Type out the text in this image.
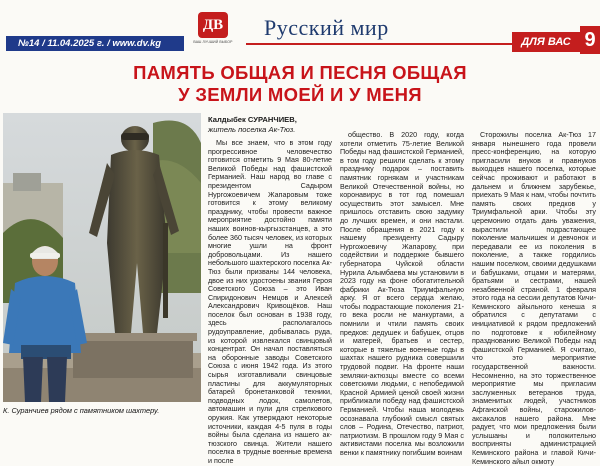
№14 / 11.04.2025 г. / www.dv.kg
ДВ
ВАШ ЛУЧШИЙ ВЫБОР
Русский мир
ДЛЯ ВАС 9
ПАМЯТЬ ОБЩАЯ И ПЕСНЯ ОБЩАЯ
У ЗЕМЛИ МОЕЙ И У МЕНЯ
К. Суранчиев рядом с памятником шахтеру.
Калдыбек СУРАНЧИЕВ,
житель поселка Ак-Тюз.

Мы все знаем, что в этом году прогрессивное человечество готовится отметить 9 Мая 80-летие Великой Победы над фашистской Германией. Наш народ во главе с президентом Садыром Нургожоевичем Жапаровым тоже готовится к этому великому празднику, чтобы провести важное мероприятие достойно памяти наших воинов-кыргызстанцев, а это более 360 тысяч человек, из которых многие ушли на фронт добровольцами. Из нашего небольшого шахтерского поселка Ак-Тюз были призваны 144 человека, двое из них удостоены звания Героя Советского Союза – это Иван Спиридонович Немцов и Алексей Александрович Кривощёков. Наш поселок был основан в 1938 году, здесь располагалось рудоуправление, добывалась руда, из которой извлекался свинцовый концентрат. Он начал поставляться на оборонные заводы Советского Союза с июня 1942 года. Из этого сырья изготавливали свинцовые пластины для аккумуляторных батарей бронетанковой техники, подводных лодок, самолетов, автомашин и пули для стрелкового оружия. Как утверждают некоторые источники, каждая 4-5 пуля в годы войны была сделана из нашего ак-тюзского свинца. Жители нашего поселка в трудные военные времена и после

общество. В 2020 году, когда хотели отметить 75-летие Великой Победы над фашистской Германией, в том году решили сделать к этому празднику подарок – поставить памятник горнякам и участникам Великой Отечественной войны, но коронавирус в тот год помешал осуществить этот замысел. Мне пришлось отставить свою задумку до лучших времен, и они настали. После обращения в 2021 году к нашему президенту Садыру Нургожоевичу Жапарову, при содействии и поддержке бывшего губернатора Чуйской области Нурила Алымбаева мы установили в 2023 году на фоне обогатительной фабрики Ак-Тюза Триумфальную арку. Я от всего сердца желаю, чтобы подрастающие поколения 21-го века росли не манкуртами, а помнили и чтили память своих предков: дедушек и бабушек, отцов и матерей, братьев и сестер, которые в тяжелые военные годы в шахтах нашего рудника совершили трудовой подвиг. На фронте наши земляки-актюзцы вместе со всеми советскими людьми, с непобедимой Красной Армией ценой своей жизни приближали победу над фашистской Германией. Чтобы наша молодежь осознавала глубокий смысл святых слов – Родина, Отечество, патриот, патриотизм. В прошлом году 9 Мая с активистами поселка мы возложили венки к памятнику погибшим воинам

Сторожилы поселка Ак-Тюз 17 января нынешнего года провели пресс-конференцию, на которую пригласили внуков и правнуков выходцев нашего поселка, которые сейчас проживают и работают в дальнем и ближнем зарубежье, приехать 9 Мая к нам, чтобы почтить память своих предков у Триумфальной арки. Чтобы эту церемонию отдать дань уважения, вырастили подрастающее поколение мальчишек и девчонок и передавали ее из поколения в поколение, а также гордились нашим поселком, своими дедушками и бабушками, отцами и матерями, братьями и сестрами, нашей незабвенной страной. 1 февраля этого года на сессии депутатов Кичи-Кеминского айыльного кенеша я обратился с депутатами с инициативой к рядом предложений по подготовке к юбилейному празднованию Великой Победы над фашистской Германией. Я считаю, что это мероприятие государственной важности. Несомненно, на это торжественное мероприятие мы пригласим заслуженных ветеранов труда, знаменитых людей, участников Афганской войны, старожилов-аксакалов нашего района. Мне радует, что мои предложения были услышаны и положительно восприняты администрацией Кеминского района и главой Кичи-Кеминского айыл окмоту
